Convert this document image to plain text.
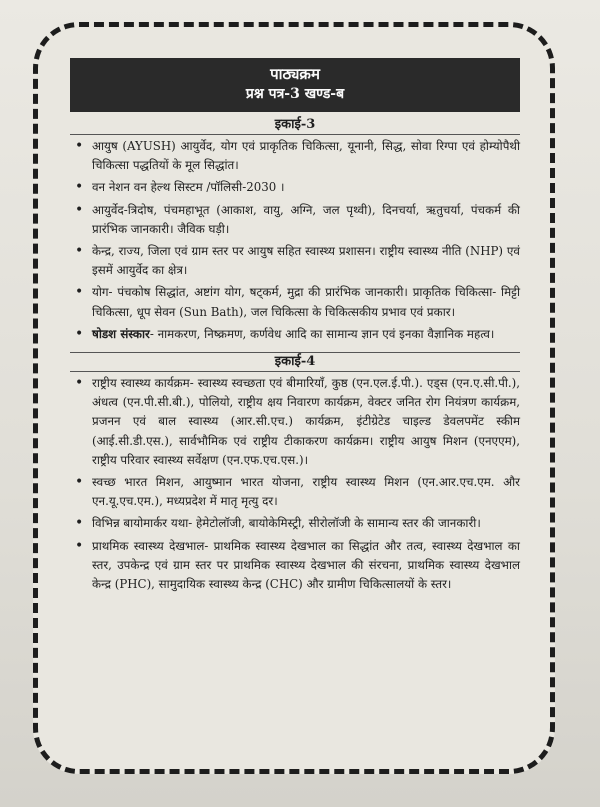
पाठ्यक्रम
प्रश्न पत्र-3 खण्ड-ब
इकाई-3
• आयुष (AYUSH) आयुर्वेद, योग एवं प्राकृतिक चिकित्सा, यूनानी, सिद्ध, सोवा रिग्पा एवं होम्योपैथी चिकित्सा पद्धतियों के मूल सिद्धांत।
• वन नेशन वन हेल्थ सिस्टम /पॉलिसी-2030 ।
• आयुर्वेद-त्रिदोष, पंचमहाभूत (आकाश, वायु, अग्नि, जल पृथ्वी), दिनचर्या, ऋतुचर्या, पंचकर्म की प्रारंभिक जानकारी। जैविक घड़ी।
• केन्द्र, राज्य, जिला एवं ग्राम स्तर पर आयुष सहित स्वास्थ्य प्रशासन। राष्ट्रीय स्वास्थ्य नीति (NHP) एवं इसमें आयुर्वेद का क्षेत्र।
• योग- पंचकोष सिद्धांत, अष्टांग योग, षट्कर्म, मुद्रा की प्रारंभिक जानकारी। प्राकृतिक चिकित्सा- मिट्टी चिकित्सा, धूप सेवन (Sun Bath), जल चिकित्सा के चिकित्सकीय प्रभाव एवं प्रकार।
• षोडश संस्कार- नामकरण, निष्क्रमण, कर्णवेध आदि का सामान्य ज्ञान एवं इनका वैज्ञानिक महत्व।
इकाई-4
• राष्ट्रीय स्वास्थ्य कार्यक्रम- स्वास्थ्य स्वच्छता एवं बीमारियाँ, कुष्ठ (एन.एल.ई.पी.). एड्स (एन.ए.सी.पी.), अंधत्व (एन.पी.सी.बी.), पोलियो, राष्ट्रीय क्षय निवारण कार्यक्रम, वेक्टर जनित रोग नियंत्रण कार्यक्रम, प्रजनन एवं बाल स्वास्थ्य (आर.सी.एच.) कार्यक्रम, इंटीग्रेटेड चाइल्ड डेवलपमेंट स्कीम (आई.सी.डी.एस.), सार्वभौमिक एवं राष्ट्रीय टीकाकरण कार्यक्रम। राष्ट्रीय आयुष मिशन (एनएएम), राष्ट्रीय परिवार स्वास्थ्य सर्वेक्षण (एन.एफ.एच.एस.)।
• स्वच्छ भारत मिशन, आयुष्मान भारत योजना, राष्ट्रीय स्वास्थ्य मिशन (एन.आर.एच.एम. और एन.यू.एच.एम.), मध्यप्रदेश में मातृ मृत्यु दर।
• विभिन्न बायोमार्कर यथा- हेमेटोलॉजी, बायोकेमिस्ट्री, सीरोलॉजी के सामान्य स्तर की जानकारी।
• प्राथमिक स्वास्थ्य देखभाल- प्राथमिक स्वास्थ्य देखभाल का सिद्धांत और तत्व, स्वास्थ्य देखभाल का स्तर, उपकेन्द्र एवं ग्राम स्तर पर प्राथमिक स्वास्थ्य देखभाल की संरचना, प्राथमिक स्वास्थ्य देखभाल केन्द्र (PHC), सामुदायिक स्वास्थ्य केन्द्र (CHC) और ग्रामीण चिकित्सालयों के स्तर।
